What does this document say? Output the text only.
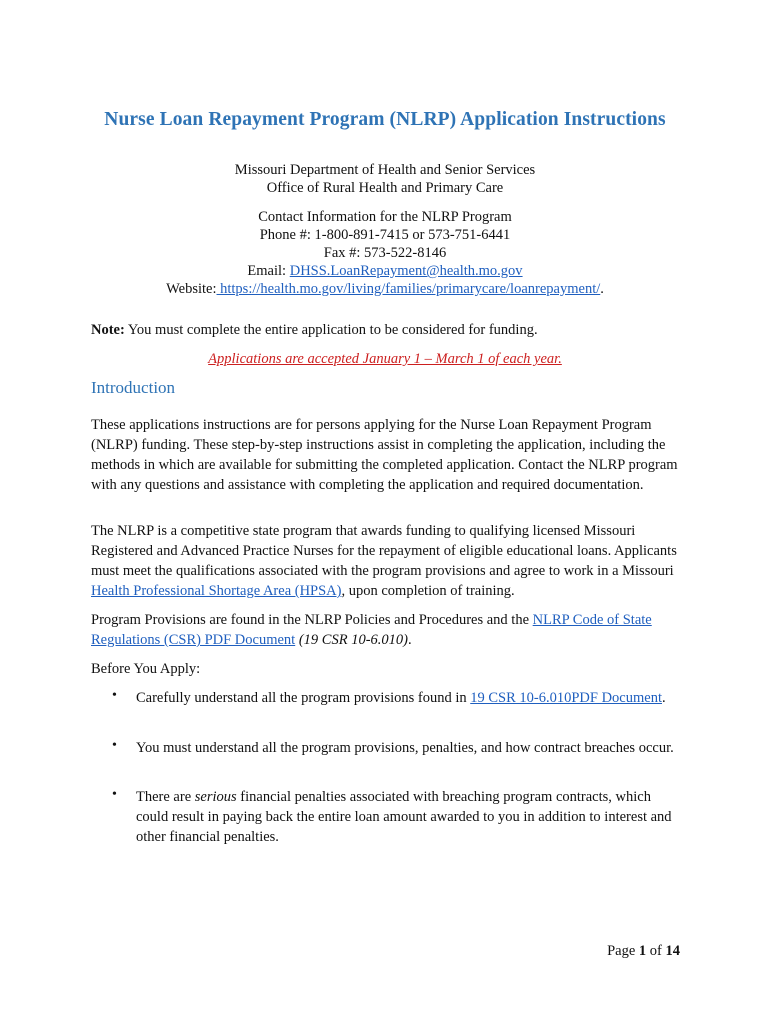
Nurse Loan Repayment Program (NLRP) Application Instructions
Missouri Department of Health and Senior Services
Office of Rural Health and Primary Care
Contact Information for the NLRP Program
Phone #: 1-800-891-7415 or 573-751-6441
Fax #: 573-522-8146
Email: DHSS.LoanRepayment@health.mo.gov
Website: https://health.mo.gov/living/families/primarycare/loanrepayment/.
Note: You must complete the entire application to be considered for funding.
Applications are accepted January 1 – March 1 of each year.
Introduction
These applications instructions are for persons applying for the Nurse Loan Repayment Program (NLRP) funding. These step-by-step instructions assist in completing the application, including the methods in which are available for submitting the completed application. Contact the NLRP program with any questions and assistance with completing the application and required documentation.
The NLRP is a competitive state program that awards funding to qualifying licensed Missouri Registered and Advanced Practice Nurses for the repayment of eligible educational loans. Applicants must meet the qualifications associated with the program provisions and agree to work in a Missouri Health Professional Shortage Area (HPSA), upon completion of training.
Program Provisions are found in the NLRP Policies and Procedures and the NLRP Code of State Regulations (CSR) PDF Document (19 CSR 10-6.010).
Before You Apply:
• Carefully understand all the program provisions found in 19 CSR 10-6.010PDF Document.
• You must understand all the program provisions, penalties, and how contract breaches occur.
• There are serious financial penalties associated with breaching program contracts, which could result in paying back the entire loan amount awarded to you in addition to interest and other financial penalties.
Page 1 of 14
